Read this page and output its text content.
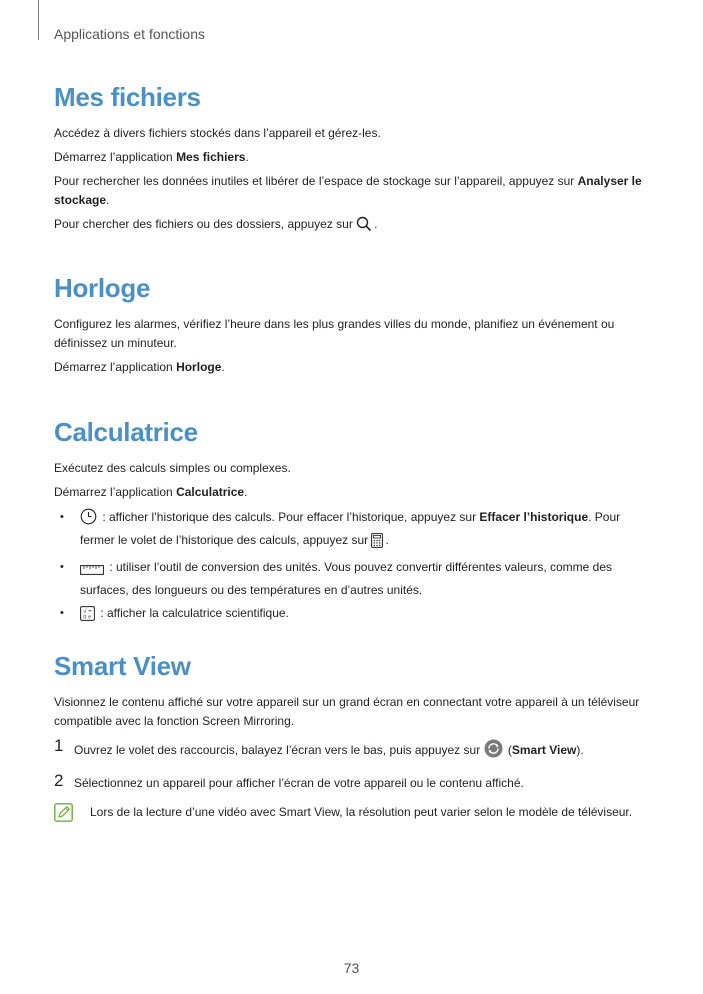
Applications et fonctions
Mes fichiers

Accédez à divers fichiers stockés dans l’appareil et gérez-les.

Démarrez l’application Mes fichiers.

Pour rechercher les données inutiles et libérer de l’espace de stockage sur l’appareil, appuyez sur Analyser le stockage.

Pour chercher des fichiers ou des dossiers, appuyez sur .

Horloge

Configurez les alarmes, vérifiez l’heure dans les plus grandes villes du monde, planifiez un événement ou définissez un minuteur.

Démarrez l’application Horloge.

Calculatrice

Exécutez des calculs simples ou complexes.

Démarrez l’application Calculatrice.

• : afficher l’historique des calculs. Pour effacer l’historique, appuyez sur Effacer l’historique. Pour fermer le volet de l’historique des calculs, appuyez sur .
• : utiliser l’outil de conversion des unités. Vous pouvez convertir différentes valeurs, comme des surfaces, des longueurs ou des températures en d’autres unités.
• √
π e : afficher la calculatrice scientifique.
Smart View

Visionnez le contenu affiché sur votre appareil sur un grand écran en connectant votre appareil à un téléviseur compatible avec la fonction Screen Mirroring.

1 Ouvrez le volet des raccourcis, balayez l’écran vers le bas, puis appuyez sur  (Smart View).
2 Sélectionnez un appareil pour afficher l’écran de votre appareil ou le contenu affiché.
Lors de la lecture d’une vidéo avec Smart View, la résolution peut varier selon le modèle de téléviseur.
73
